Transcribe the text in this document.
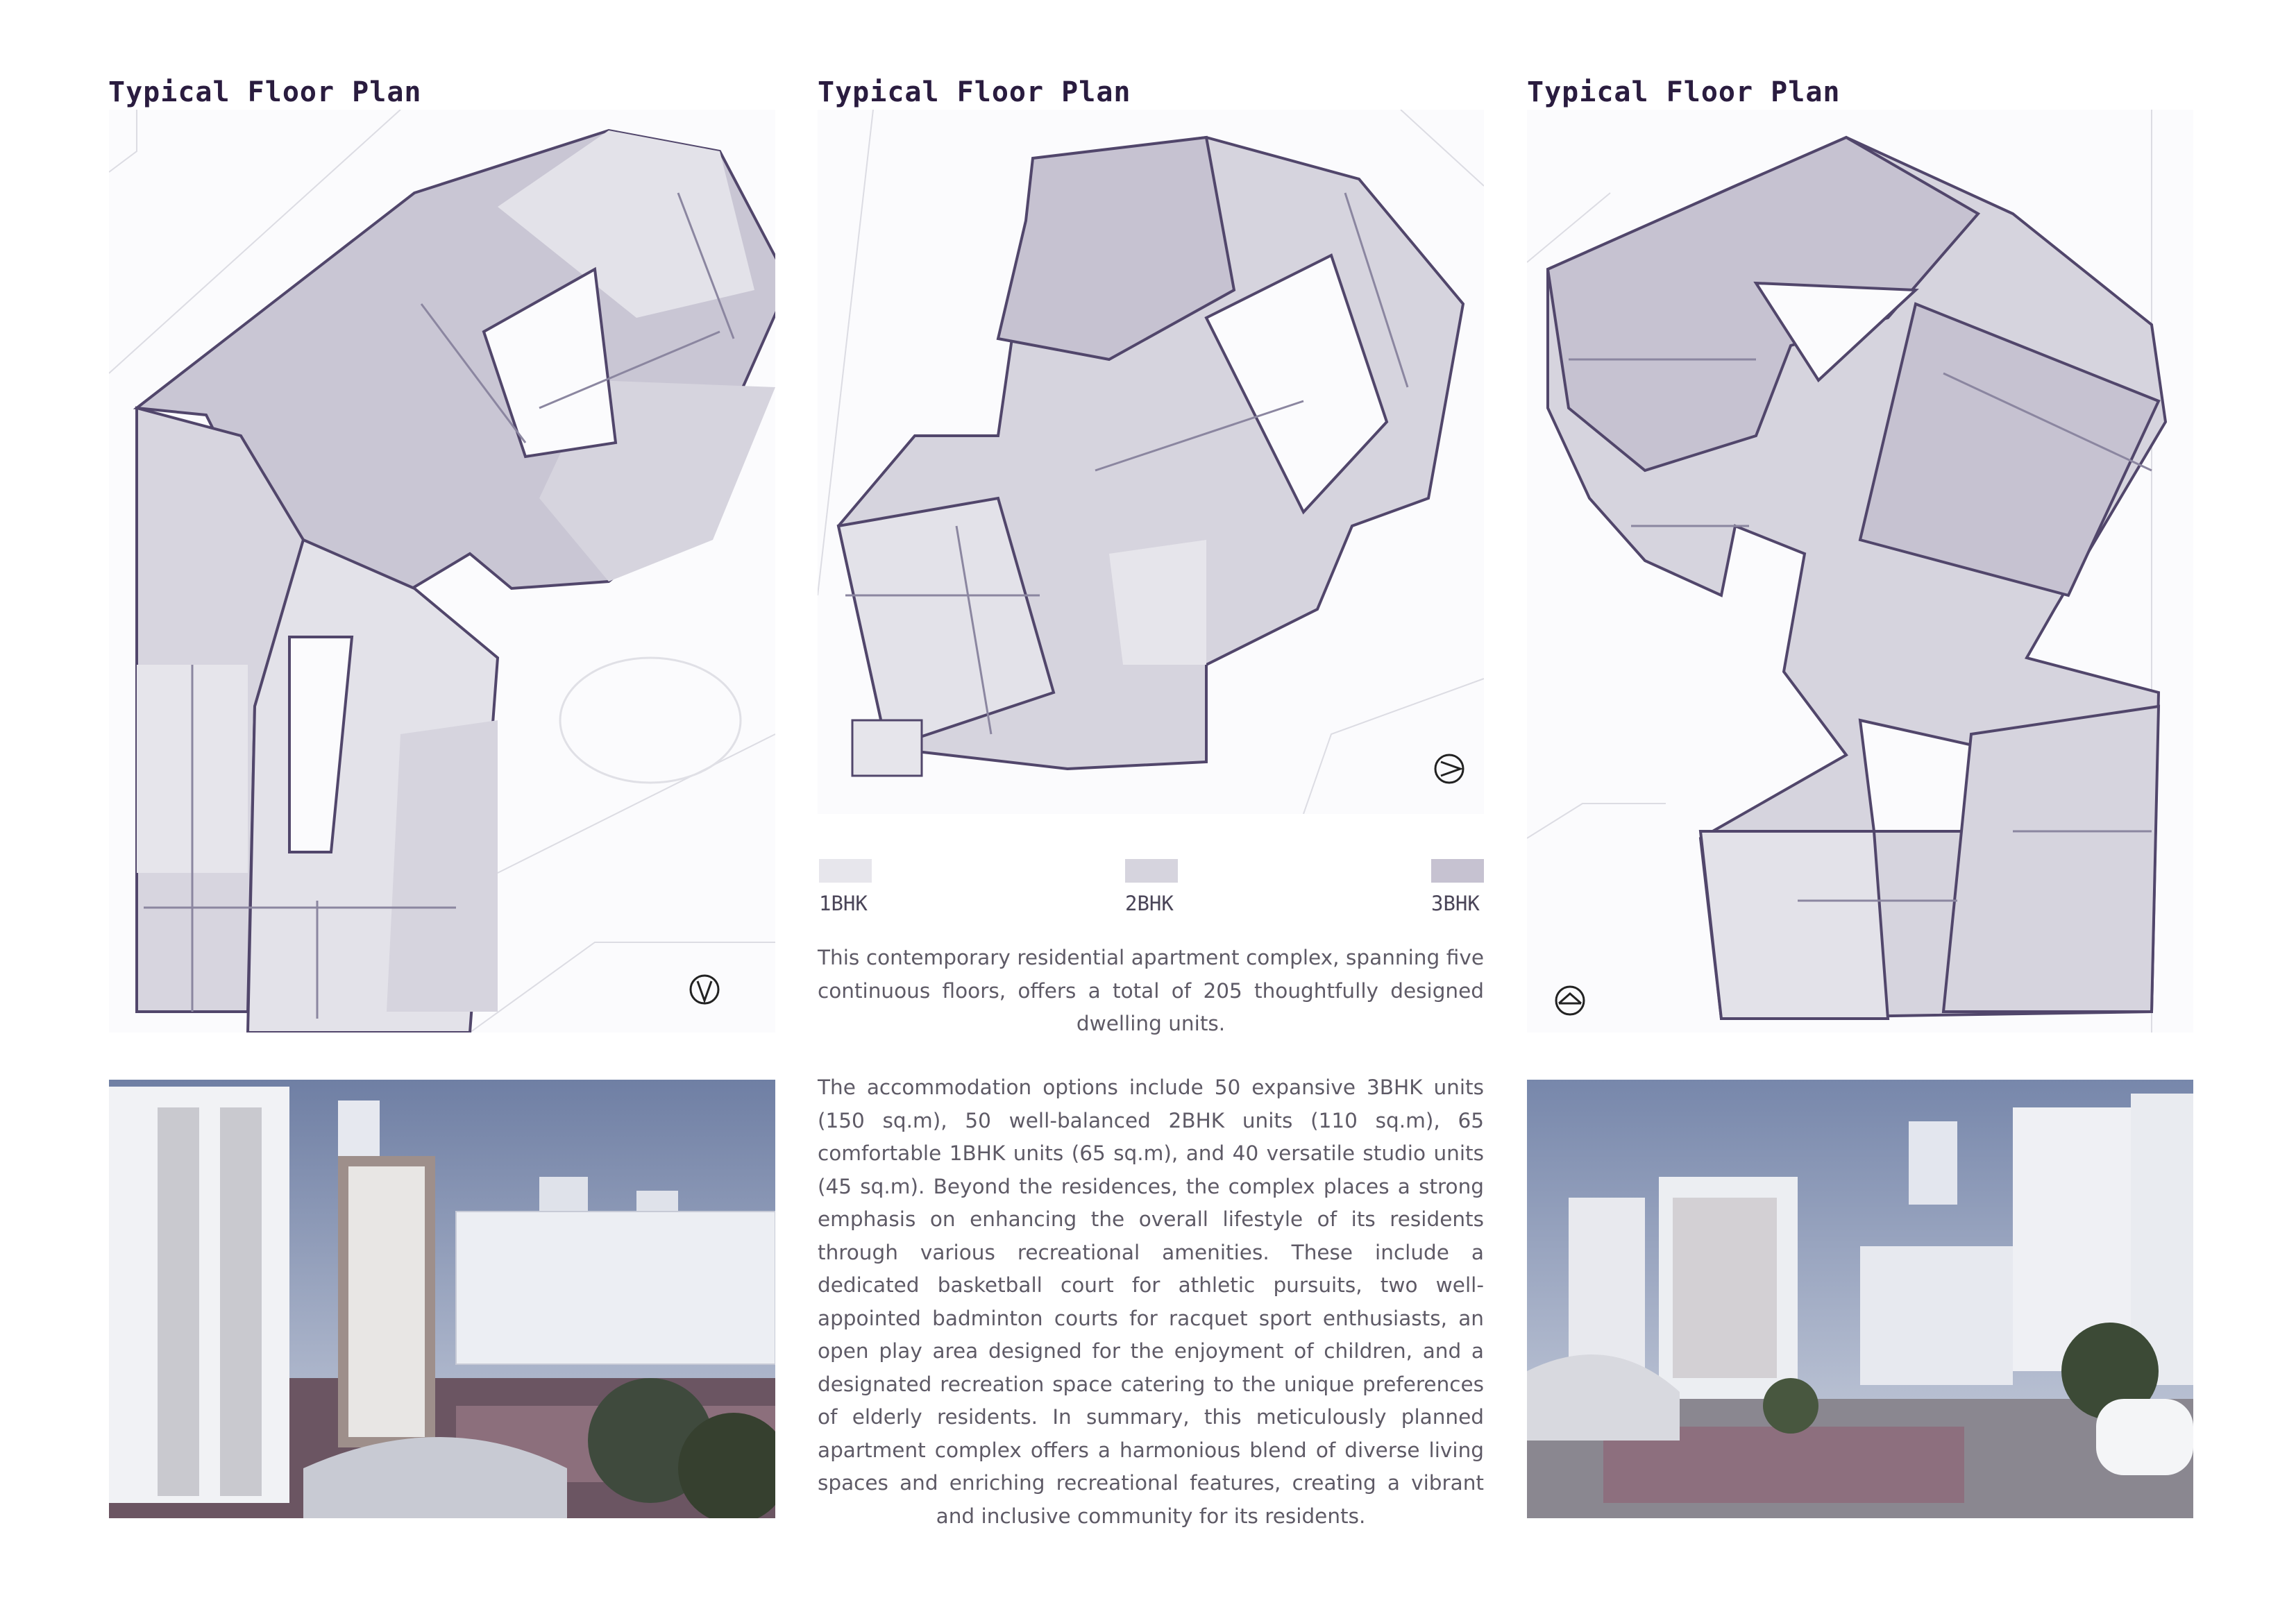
Typical Floor Plan	Typical Floor Plan	Typical Floor Plan
1BHK	2BHK	3BHK
This contemporary residential apartment complex, spanning five continuous floors, offers a total of 205 thoughtfully designed dwelling units.
The accommodation options include 50 expansive 3BHK units (150 sq.m), 50 well-balanced 2BHK units (110 sq.m), 65 comfortable 1BHK units (65 sq.m), and 40 versatile studio units (45 sq.m). Beyond the residences, the complex places a strong emphasis on enhancing the overall lifestyle of its residents through various recreational amenities. These include a dedicated basketball court for athletic pursuits, two well-appointed badminton courts for racquet sport enthusiasts, an open play area designed for the enjoyment of children, and a designated recreation space catering to the unique preferences of elderly residents. In summary, this meticulously planned apartment complex offers a harmonious blend of diverse living spaces and enriching recreational features, creating a vibrant and inclusive community for its residents.
